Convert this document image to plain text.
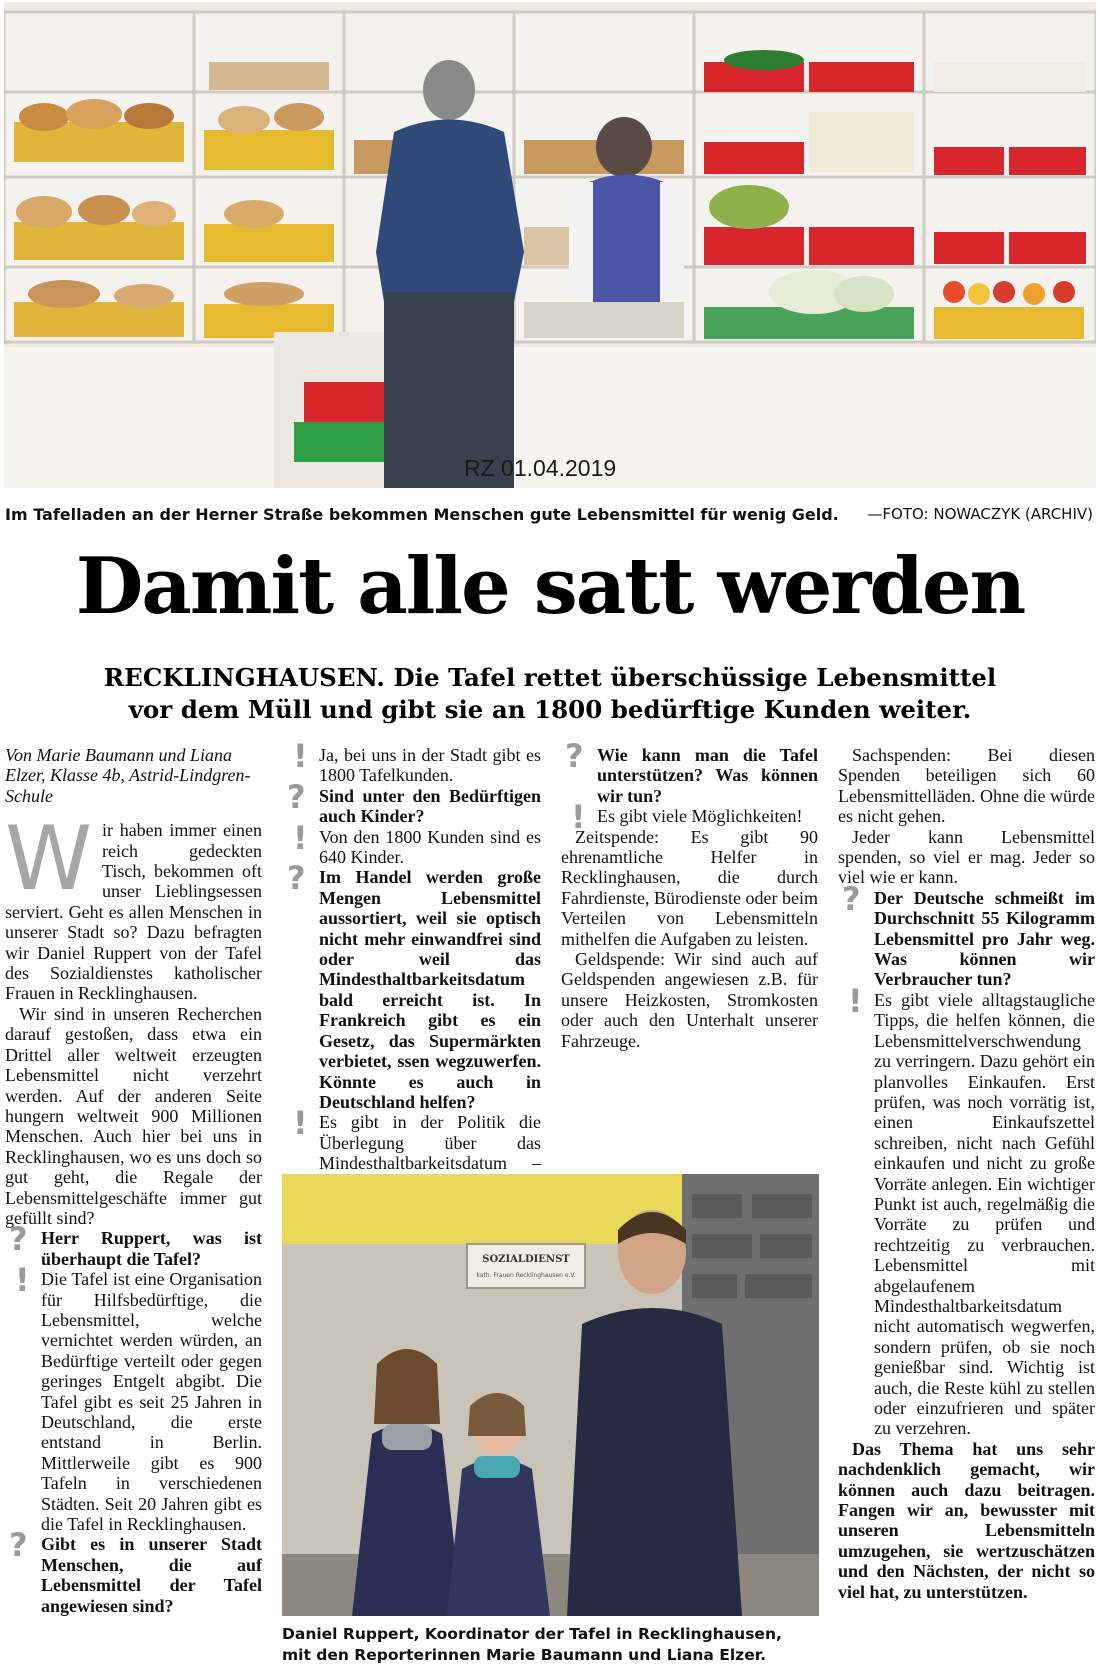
RZ 01.04.2019
Im Tafelladen an der Herner Straße bekommen Menschen gute Lebensmittel für wenig Geld. —FOTO: NOWACZYK (ARCHIV)
Damit alle satt werden
RECKLINGHAUSEN. Die Tafel rettet überschüssige Lebensmittel
vor dem Müll und gibt sie an 1800 bedürftige Kunden weiter.

Von Marie Baumann und Liana Elzer, Klasse 4b, Astrid-Lindgren-Schule

Wir haben immer einen reich gedeckten Tisch, bekommen oft unser Lieblingsessen serviert. Geht es allen Menschen in unserer Stadt so? Dazu befragten wir Daniel Ruppert von der Tafel des Sozialdienstes katholischer Frauen in Recklinghausen.

Wir sind in unseren Recherchen darauf gestoßen, dass etwa ein Drittel aller weltweit erzeugten Lebensmittel nicht verzehrt werden. Auf der anderen Seite hungern weltweit 900 Millionen Menschen. Auch hier bei uns in Recklinghausen, wo es uns doch so gut geht, die Regale der Lebensmittelgeschäfte immer gut gefüllt sind?

? Herr Ruppert, was ist überhaupt die Tafel?

! Die Tafel ist eine Organisation für Hilfsbedürftige, die Lebensmittel, welche vernichtet werden würden, an Bedürftige verteilt oder gegen geringes Entgelt abgibt. Die Tafel gibt es seit 25 Jahren in Deutschland, die erste entstand in Berlin. Mittlerweile gibt es 900 Tafeln in verschiedenen Städten. Seit 20 Jahren gibt es die Tafel in Recklinghausen.

? Gibt es in unserer Stadt Menschen, die auf Lebensmittel der Tafel angewiesen sind?

! Ja, bei uns in der Stadt gibt es 1800 Tafelkunden.

? Sind unter den Bedürftigen auch Kinder?

! Von den 1800 Kunden sind es 640 Kinder.

? Im Handel werden große Mengen Lebensmittel aussortiert, weil sie optisch nicht mehr einwandfrei sind oder weil das Mindesthaltbarkeitsdatum bald erreicht ist. In Frankreich gibt es ein Gesetz, das Supermärkten verbietet, ssen wegzuwerfen. Könnte es auch in Deutschland helfen?

! Es gibt in der Politik die Überlegung über das Mindesthaltbarkeitsdatum –

? Wie kann man die Tafel unterstützen? Was können wir tun?

! Es gibt viele Möglichkeiten!

Zeitspende: Es gibt 90 ehrenamtliche Helfer in Recklinghausen, die durch Fahrdienste, Bürodienste oder beim Verteilen von Lebensmitteln mithelfen die Aufgaben zu leisten.

Geldspende: Wir sind auch auf Geldspenden angewiesen z.B. für unsere Heizkosten, Stromkosten oder auch den Unterhalt unserer Fahrzeuge.

Sachspenden: Bei diesen Spenden beteiligen sich 60 Lebensmittelläden. Ohne die würde es nicht gehen.

Jeder kann Lebensmittel spenden, so viel er mag. Jeder so viel wie er kann.

? Der Deutsche schmeißt im Durchschnitt 55 Kilogramm Lebensmittel pro Jahr weg. Was können wir Verbraucher tun?

! Es gibt viele alltagstaugliche Tipps, die helfen können, die Lebensmittelverschwendung zu verringern. Dazu gehört ein planvolles Einkaufen. Erst prüfen, was noch vorrätig ist, einen Einkaufszettel schreiben, nicht nach Gefühl einkaufen und nicht zu große Vorräte anlegen. Ein wichtiger Punkt ist auch, regelmäßig die Vorräte zu prüfen und rechtzeitig zu verbrauchen. Lebensmittel mit abgelaufenem Mindesthaltbarkeitsdatum nicht automatisch wegwerfen, sondern prüfen, ob sie noch genießbar sind. Wichtig ist auch, die Reste kühl zu stellen oder einzufrieren und später zu verzehren.

Das Thema hat uns sehr nachdenklich gemacht, wir können auch dazu beitragen. Fangen wir an, bewusster mit unseren Lebensmitteln umzugehen, sie wertzuschätzen und den Nächsten, der nicht so viel hat, zu unterstützen.

SOZIALDIENST
kath. Frauen Recklinghausen e.V.
Daniel Ruppert, Koordinator der Tafel in Recklinghausen,
mit den Reporterinnen Marie Baumann und Liana Elzer.
